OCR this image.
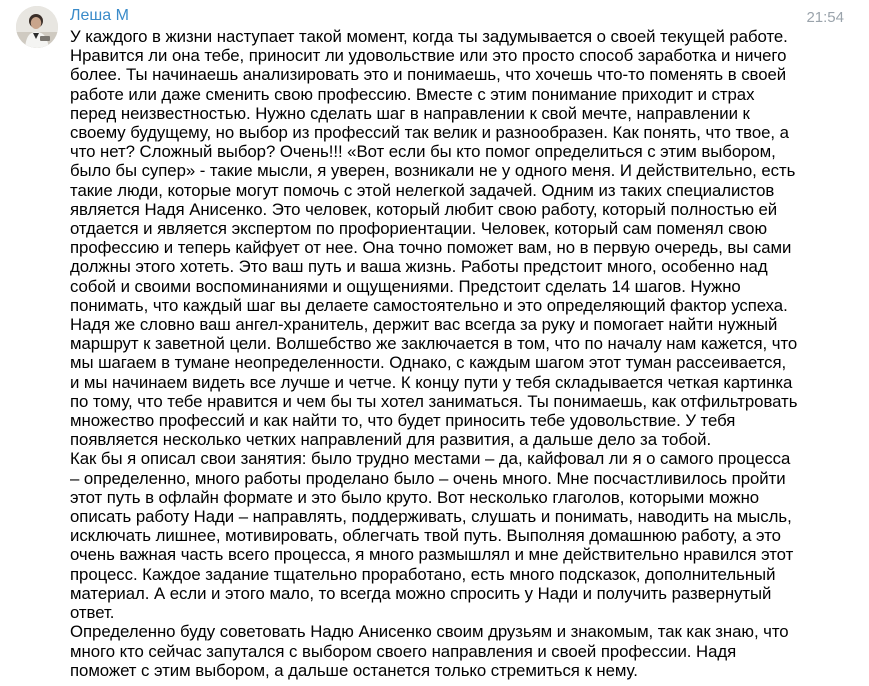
Леша М	21:54

У каждого в жизни наступает такой момент, когда ты задумывается о своей текущей работе. Нравится ли она тебе, приносит ли удовольствие или это просто способ заработка и ничего более. Ты начинаешь анализировать это и понимаешь, что хочешь что-то поменять в своей работе или даже сменить свою профессию. Вместе с этим понимание приходит и страх перед неизвестностью. Нужно сделать шаг в направлении к свой мечте, направлении к своему будущему, но выбор из профессий так велик и разнообразен. Как понять, что твое, а что нет? Сложный выбор? Очень!!! «Вот если бы кто помог определиться с этим выбором, было бы супер» - такие мысли, я уверен, возникали не у одного меня. И действительно, есть такие люди, которые могут помочь с этой нелегкой задачей. Одним из таких специалистов является Надя Анисенко. Это человек, который любит свою работу, который полностью ей отдается и является экспертом по профориентации. Человек, который сам поменял свою профессию и теперь кайфует от нее. Она точно поможет вам, но в первую очередь, вы сами должны этого хотеть. Это ваш путь и ваша жизнь. Работы предстоит много, особенно над собой и своими воспоминаниями и ощущениями. Предстоит сделать 14 шагов. Нужно понимать, что каждый шаг вы делаете самостоятельно и это определяющий фактор успеха. Надя же словно ваш ангел-хранитель, держит вас всегда за руку и помогает найти нужный маршрут к заветной цели. Волшебство же заключается в том, что по началу нам кажется, что мы шагаем в тумане неопределенности. Однако, с каждым шагом этот туман рассеивается, и мы начинаем видеть все лучше и четче. К концу пути у тебя складывается четкая картинка по тому, что тебе нравится и чем бы ты хотел заниматься. Ты понимаешь, как отфильтровать множество профессий и как найти то, что будет приносить тебе удовольствие. У тебя появляется несколько четких направлений для развития, а дальше дело за тобой.

Как бы я описал свои занятия: было трудно местами – да, кайфовал ли я о самого процесса – определенно, много работы проделано было – очень много. Мне посчастливилось пройти этот путь в офлайн формате и это было круто. Вот несколько глаголов, которыми можно описать работу Нади – направлять, поддерживать, слушать и понимать, наводить на мысль, исключать лишнее, мотивировать, облегчать твой путь. Выполняя домашнюю работу, а это очень важная часть всего процесса, я много размышлял и мне действительно нравился этот процесс. Каждое задание тщательно проработано, есть много подсказок, дополнительный материал. А если и этого мало, то всегда можно спросить у Нади и получить развернутый ответ.

Определенно буду советовать Надю Анисенко своим друзьям и знакомым, так как знаю, что много кто сейчас запутался с выбором своего направления и своей профессии. Надя поможет с этим выбором, а дальше останется только стремиться к нему.
